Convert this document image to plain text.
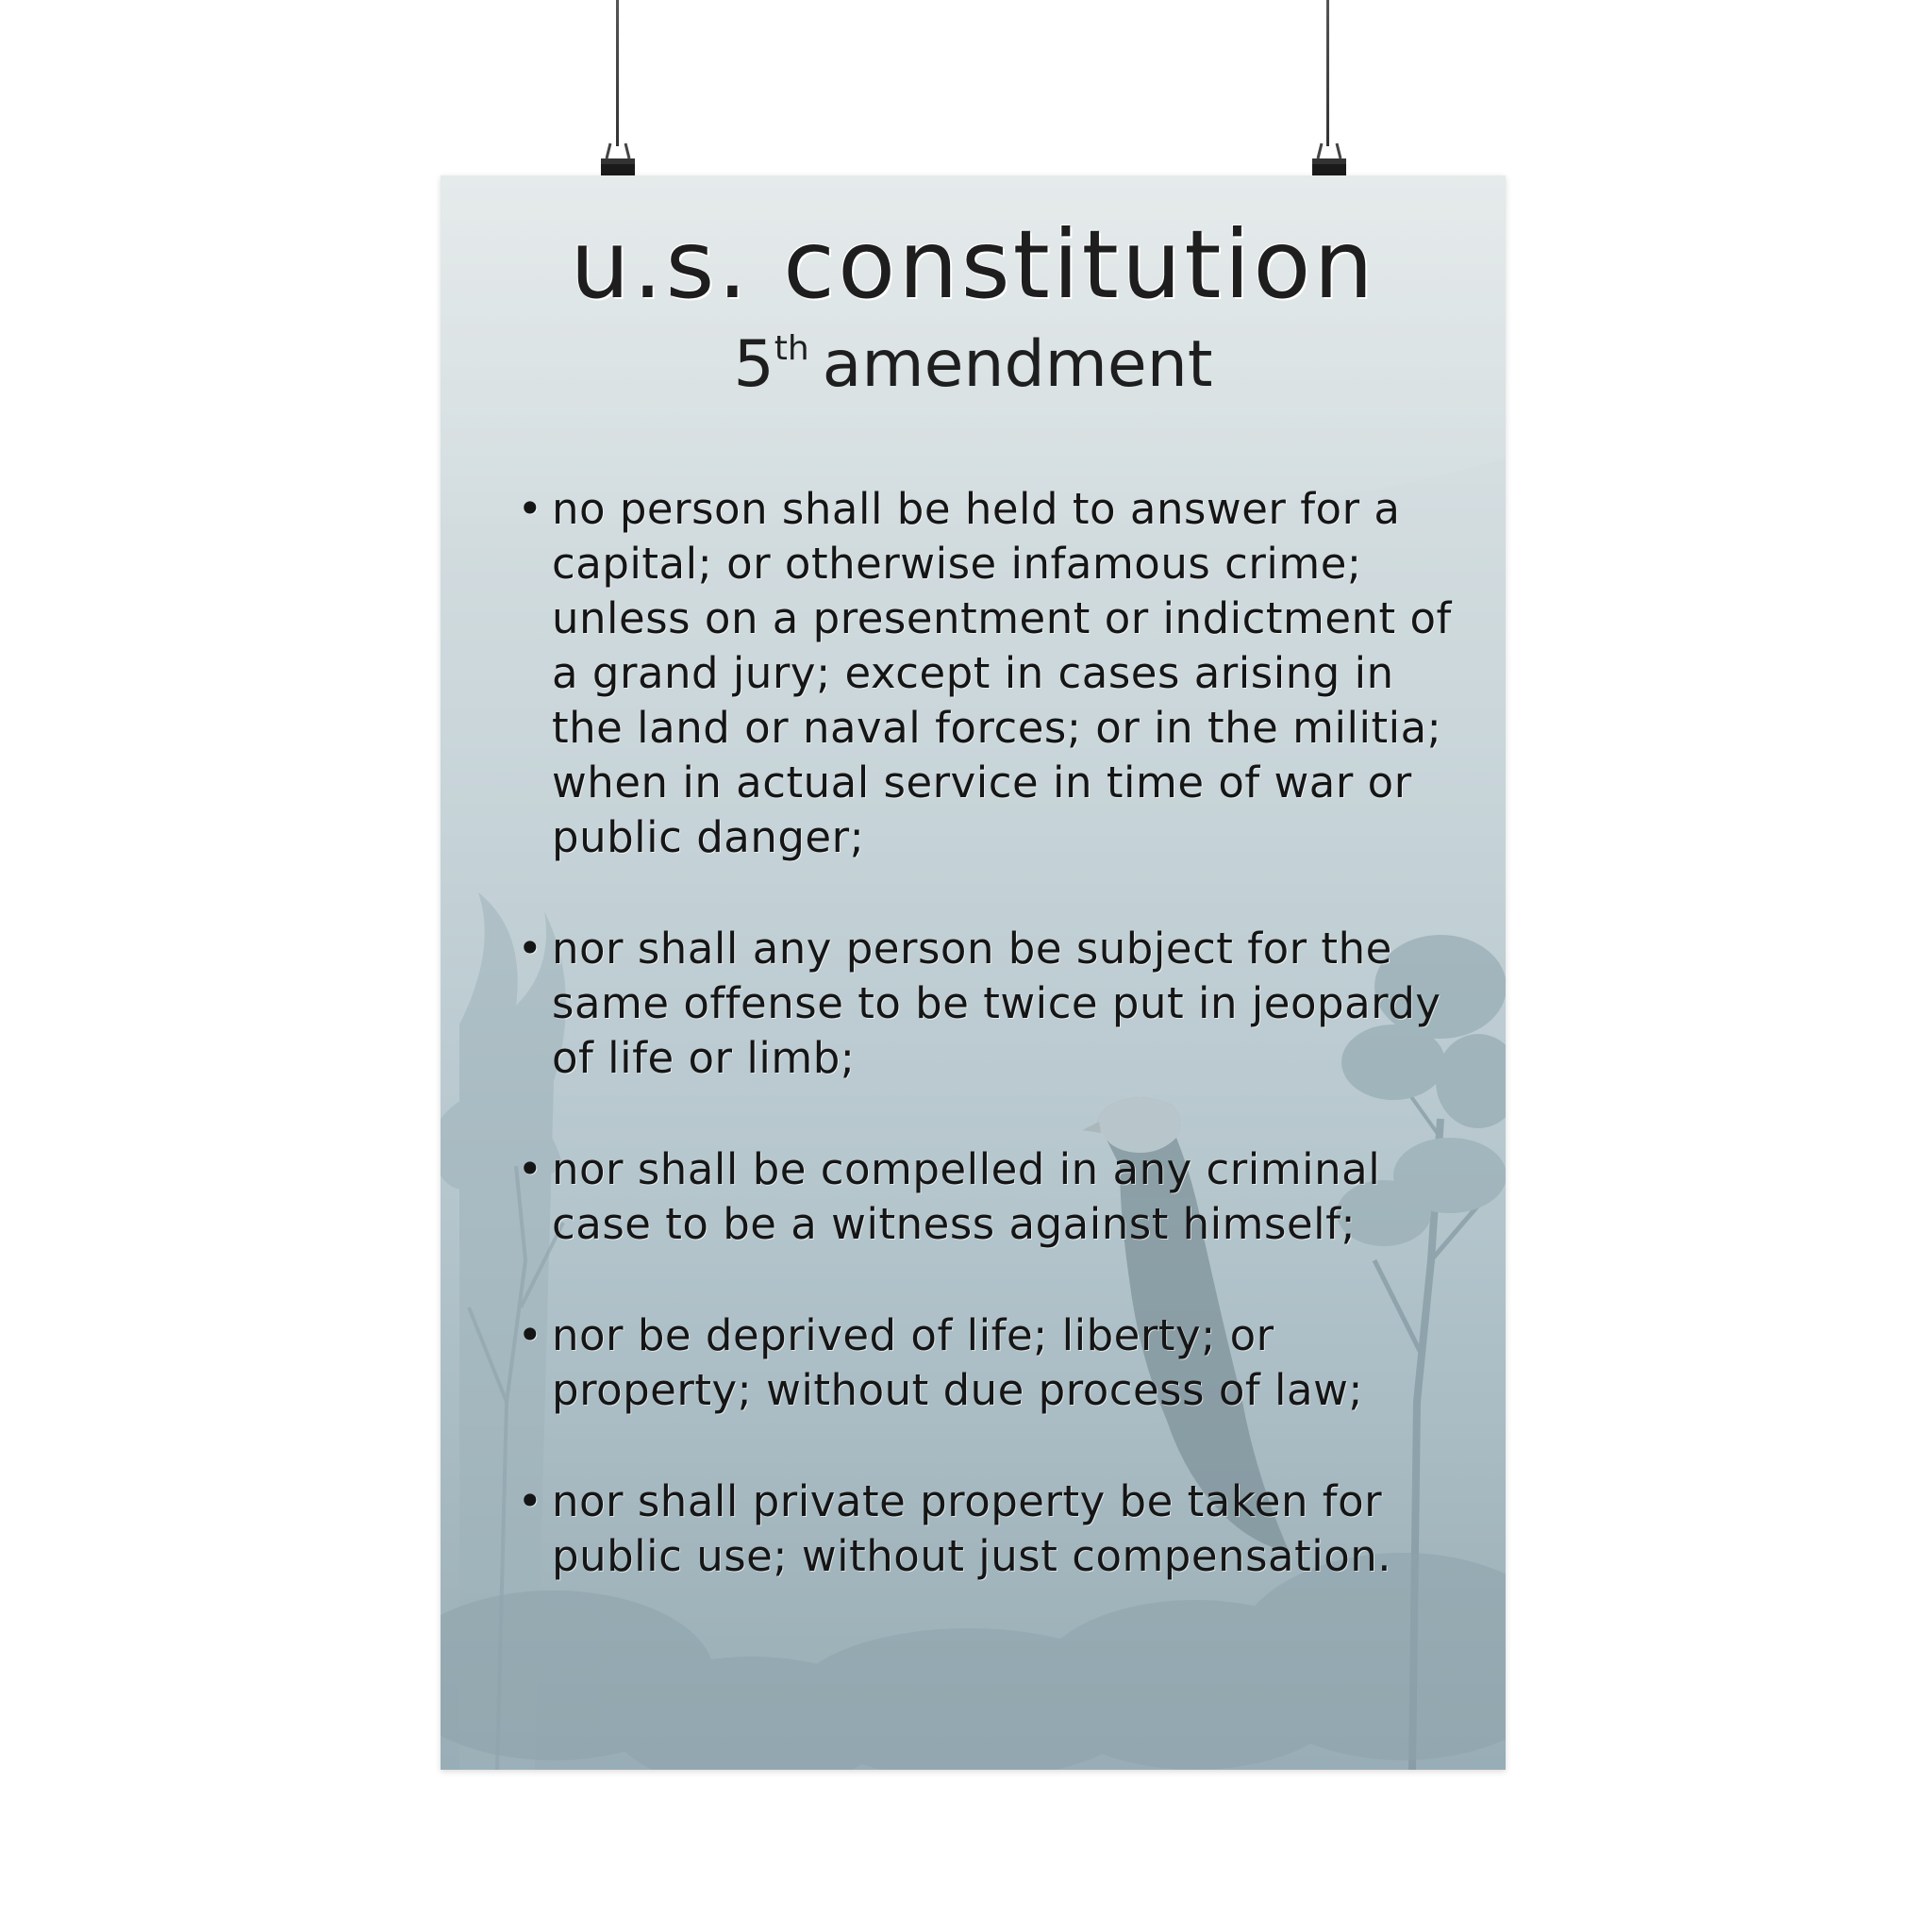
u.s. constitution
5th amendment
• no person shall be held to answer for a capital; or otherwise infamous crime; unless on a presentment or indictment of a grand jury; except in cases arising in the land or naval forces; or in the militia; when in actual service in time of war or public danger;
• nor shall any person be subject for the same offense to be twice put in jeopardy of life or limb;
• nor shall be compelled in any criminal case to be a witness against himself;
• nor be deprived of life; liberty; or property; without due process of law;
• nor shall private property be taken for public use; without just compensation.
